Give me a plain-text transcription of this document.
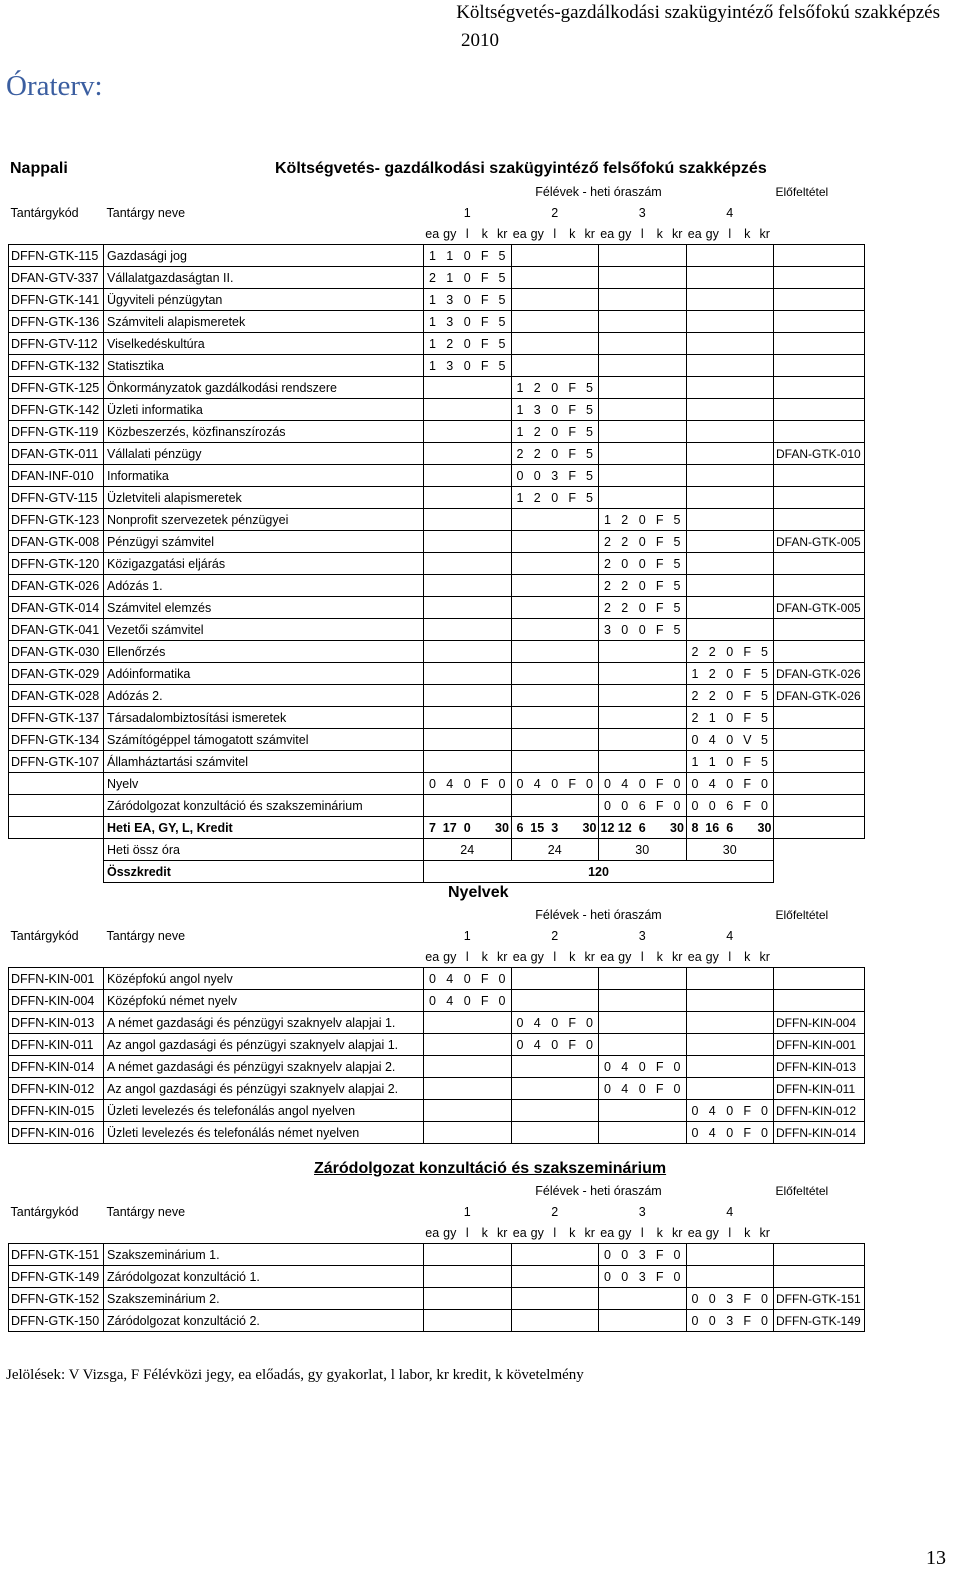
Költségvetés-gazdálkodási szakügyintéző felsőfokú szakképzés
2010
Óraterv:
Nappali	Költségvetés- gazdálkodási szakügyintéző felsőfokú szakképzés
		Félévek - heti óraszám																				Előfeltétel
Tantárgykód	Tantárgy neve	1					2					3					4					
		ea	gy	l	k	kr	ea	gy	l	k	kr	ea	gy	l	k	kr	ea	gy	l	k	kr	
DFFN-GTK-115	Gazdasági jog	1	1	0	F	5																
DFAN-GTV-337	Vállalatgazdaságtan II.	2	1	0	F	5																
DFFN-GTK-141	Ügyviteli pénzügytan	1	3	0	F	5																
DFFN-GTK-136	Számviteli alapismeretek	1	3	0	F	5																
DFFN-GTV-112	Viselkedéskultúra	1	2	0	F	5																
DFFN-GTK-132	Statisztika	1	3	0	F	5																
DFFN-GTK-125	Önkormányzatok gazdálkodási rendszere						1	2	0	F	5											
DFFN-GTK-142	Üzleti informatika						1	3	0	F	5											
DFFN-GTK-119	Közbeszerzés, közfinanszírozás						1	2	0	F	5											
DFAN-GTK-011	Vállalati pénzügy						2	2	0	F	5											DFAN-GTK-010
DFAN-INF-010	Informatika						0	0	3	F	5											
DFFN-GTV-115	Üzletviteli alapismeretek						1	2	0	F	5											
DFFN-GTK-123	Nonprofit szervezetek pénzügyei											1	2	0	F	5						
DFAN-GTK-008	Pénzügyi számvitel											2	2	0	F	5						DFAN-GTK-005
DFFN-GTK-120	Közigazgatási eljárás											2	0	0	F	5						
DFAN-GTK-026	Adózás 1.											2	2	0	F	5						
DFAN-GTK-014	Számvitel elemzés											2	2	0	F	5						DFAN-GTK-005
DFAN-GTK-041	Vezetői számvitel											3	0	0	F	5						
DFAN-GTK-030	Ellenőrzés																2	2	0	F	5	
DFAN-GTK-029	Adóinformatika																1	2	0	F	5	DFAN-GTK-026
DFAN-GTK-028	Adózás 2.																2	2	0	F	5	DFAN-GTK-026
DFFN-GTK-137	Társadalombiztosítási ismeretek																2	1	0	F	5	
DFFN-GTK-134	Számítógéppel támogatott számvitel																0	4	0	V	5	
DFFN-GTK-107	Államháztartási számvitel																1	1	0	F	5	
	Nyelv	0	4	0	F	0	0	4	0	F	0	0	4	0	F	0	0	4	0	F	0	
	Záródolgozat konzultáció és szakszeminárium											0	0	6	F	0	0	0	6	F	0	
	Heti EA, GY, L, Kredit	7	17	0		30	6	15	3		30	12	12	6		30	8	16	6		30	
	Heti össz óra	24					24					30					30					
	Összkredit	120																				
Nyelvek
		Félévek - heti óraszám																				Előfeltétel
Tantárgykód	Tantárgy neve	1					2					3					4					
		ea	gy	l	k	kr	ea	gy	l	k	kr	ea	gy	l	k	kr	ea	gy	l	k	kr	
DFFN-KIN-001	Középfokú angol nyelv	0	4	0	F	0																
DFFN-KIN-004	Középfokú német nyelv	0	4	0	F	0																
DFFN-KIN-013	A német gazdasági és pénzügyi szaknyelv alapjai 1.						0	4	0	F	0											DFFN-KIN-004
DFFN-KIN-011	Az angol gazdasági és pénzügyi szaknyelv alapjai 1.						0	4	0	F	0											DFFN-KIN-001
DFFN-KIN-014	A német gazdasági és pénzügyi szaknyelv alapjai 2.											0	4	0	F	0						DFFN-KIN-013
DFFN-KIN-012	Az angol gazdasági és pénzügyi szaknyelv alapjai 2.											0	4	0	F	0						DFFN-KIN-011
DFFN-KIN-015	Üzleti levelezés és telefonálás angol nyelven																0	4	0	F	0	DFFN-KIN-012
DFFN-KIN-016	Üzleti levelezés és telefonálás német nyelven																0	4	0	F	0	DFFN-KIN-014
Záródolgozat konzultáció és szakszeminárium
		Félévek - heti óraszám																				Előfeltétel
Tantárgykód	Tantárgy neve	1					2					3					4					
		ea	gy	l	k	kr	ea	gy	l	k	kr	ea	gy	l	k	kr	ea	gy	l	k	kr	
DFFN-GTK-151	Szakszeminárium 1.											0	0	3	F	0						
DFFN-GTK-149	Záródolgozat konzultáció 1.											0	0	3	F	0						
DFFN-GTK-152	Szakszeminárium 2.																0	0	3	F	0	DFFN-GTK-151
DFFN-GTK-150	Záródolgozat konzultáció 2.																0	0	3	F	0	DFFN-GTK-149
Jelölések: V Vizsga, F Félévközi jegy, ea előadás, gy gyakorlat, l labor, kr kredit, k követelmény
13
